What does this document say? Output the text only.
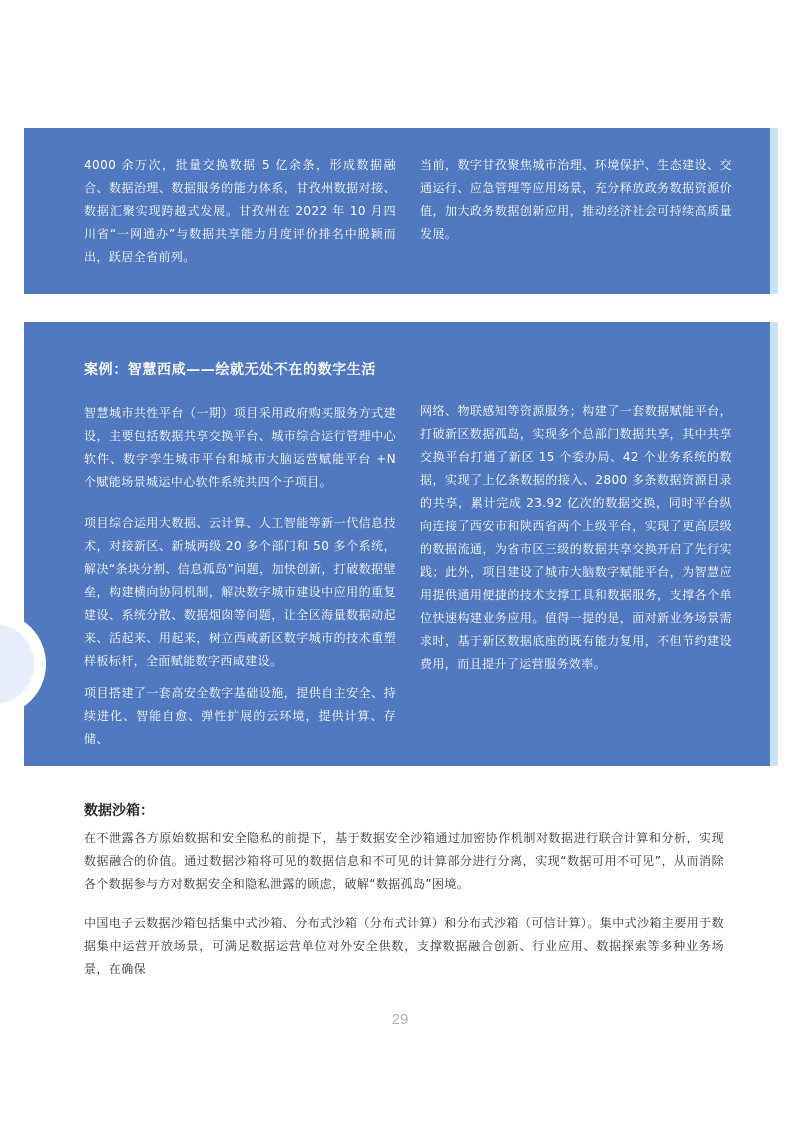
4000 余万次，批量交换数据 5 亿余条，形成数据融合、数据治理、数据服务的能力体系，甘孜州数据对接、数据汇聚实现跨越式发展。甘孜州在 2022 年 10 月四川省“一网通办”与数据共享能力月度评价排名中脱颖而出，跃居全省前列。

当前，数字甘孜聚焦城市治理、环境保护、生态建设、交通运行、应急管理等应用场景，充分释放政务数据资源价值，加大政务数据创新应用，推动经济社会可持续高质量发展。

案例：智慧西咸——绘就无处不在的数字生活

智慧城市共性平台（一期）项目采用政府购买服务方式建设，主要包括数据共享交换平台、城市综合运行管理中心软件、数字孪生城市平台和城市大脑运营赋能平台 +N 个赋能场景城运中心软件系统共四个子项目。

项目综合运用大数据、云计算、人工智能等新一代信息技术，对接新区、新城两级 20 多个部门和 50 多个系统，解决“条块分割、信息孤岛”问题，加快创新，打破数据壁垒，构建横向协同机制，解决数字城市建设中应用的重复建设、系统分散、数据烟囱等问题，让全区海量数据动起来、活起来、用起来，树立西咸新区数字城市的技术重塑样板标杆，全面赋能数字西咸建设。

项目搭建了一套高安全数字基础设施，提供自主安全、持续进化、智能自愈、弹性扩展的云环境，提供计算、存储、

网络、物联感知等资源服务；构建了一套数据赋能平台，打破新区数据孤岛，实现多个总部门数据共享，其中共享交换平台打通了新区 15 个委办局、42 个业务系统的数据，实现了上亿条数据的接入、2800 多条数据资源目录的共享，累计完成 23.92 亿次的数据交换，同时平台纵向连接了西安市和陕西省两个上级平台，实现了更高层级的数据流通，为省市区三级的数据共享交换开启了先行实践；此外，项目建设了城市大脑数字赋能平台，为智慧应用提供通用便捷的技术支撑工具和数据服务，支撑各个单位快速构建业务应用。值得一提的是，面对新业务场景需求时，基于新区数据底座的既有能力复用，不但节约建设费用，而且提升了运营服务效率。

数据沙箱：

在不泄露各方原始数据和安全隐私的前提下，基于数据安全沙箱通过加密协作机制对数据进行联合计算和分析，实现数据融合的价值。通过数据沙箱将可见的数据信息和不可见的计算部分进行分离，实现“数据可用不可见”，从而消除各个数据参与方对数据安全和隐私泄露的顾虑，破解“数据孤岛”困境。

中国电子云数据沙箱包括集中式沙箱、分布式沙箱（分布式计算）和分布式沙箱（可信计算）。集中式沙箱主要用于数据集中运营开放场景，可满足数据运营单位对外安全供数，支撑数据融合创新、行业应用、数据探索等多种业务场景，在确保

29
